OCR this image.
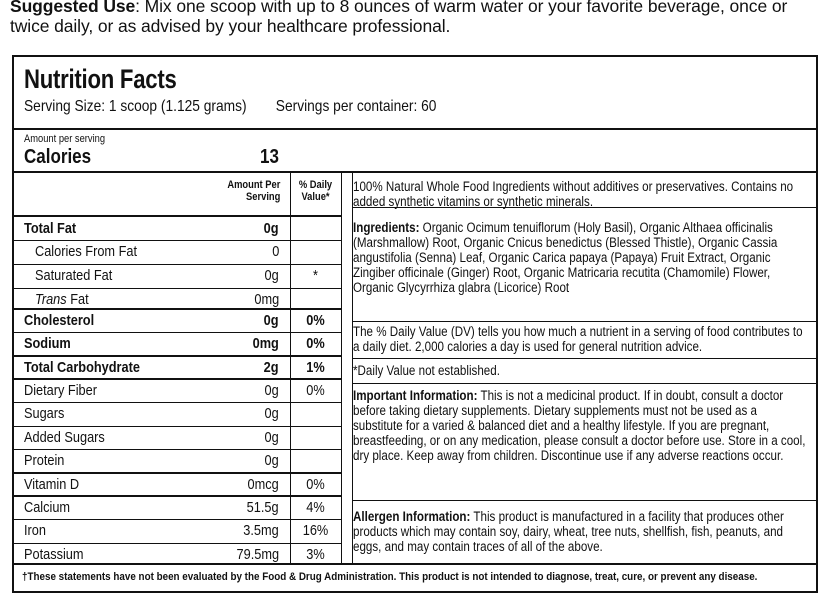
Suggested Use: Mix one scoop with up to 8 ounces of warm water or your favorite beverage, once or twice daily, or as advised by your healthcare professional.
Nutrition Facts
Serving Size: 1 scoop (1.125 grams) Servings per container: 60
Amount per serving
Calories	13
Amount Per
Serving
% Daily
Value*
Total Fat	0g
Calories From Fat	0
Saturated Fat	0g	*
Trans Fat	0mg
Cholesterol	0g	0%
Sodium	0mg	0%
Total Carbohydrate	2g	1%
Dietary Fiber	0g	0%
Sugars	0g
Added Sugars	0g
Protein	0g
Vitamin D	0mcg	0%
Calcium	51.5g	4%
Iron	3.5mg	16%
Potassium	79.5mg	3%
100% Natural Whole Food Ingredients without additives or preservatives. Contains no added synthetic vitamins or synthetic minerals.
Ingredients: Organic Ocimum tenuiflorum (Holy Basil), Organic Althaea officinalis (Marshmallow) Root, Organic Cnicus benedictus (Blessed Thistle), Organic Cassia angustifolia (Senna) Leaf, Organic Carica papaya (Papaya) Fruit Extract, Organic Zingiber officinale (Ginger) Root, Organic Matricaria recutita (Chamomile) Flower, Organic Glycyrrhiza glabra (Licorice) Root
The % Daily Value (DV) tells you how much a nutrient in a serving of food contributes to a daily diet. 2,000 calories a day is used for general nutrition advice.
*Daily Value not established.
Important Information: This is not a medicinal product. If in doubt, consult a doctor before taking dietary supplements. Dietary supplements must not be used as a substitute for a varied & balanced diet and a healthy lifestyle. If you are pregnant, breastfeeding, or on any medication, please consult a doctor before use. Store in a cool, dry place. Keep away from children. Discontinue use if any adverse reactions occur.
Allergen Information: This product is manufactured in a facility that produces other products which may contain soy, dairy, wheat, tree nuts, shellfish, fish, peanuts, and eggs, and may contain traces of all of the above.
†These statements have not been evaluated by the Food & Drug Administration. This product is not intended to diagnose, treat, cure, or prevent any disease.
